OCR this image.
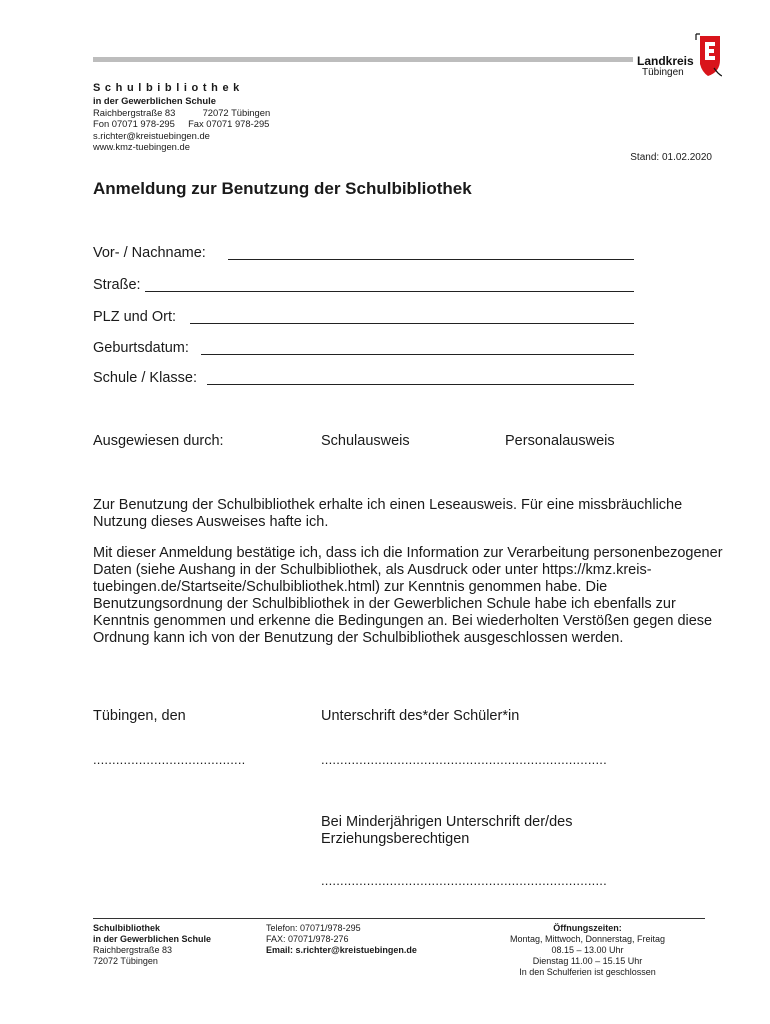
Landkreis
Tübingen
Schulbibliothek
in der Gewerblichen Schule
Raichbergstraße 83	72072 Tübingen
Fon 07071 978-295 Fax 07071 978-295
s.richter@kreistuebingen.de
www.kmz-tuebingen.de
Stand: 01.02.2020
Anmeldung zur Benutzung der Schulbibliothek
Vor- / Nachname:
Straße:
PLZ und Ort:
Geburtsdatum:
Schule / Klasse:
Ausgewiesen durch:	Schulausweis	Personalausweis
Zur Benutzung der Schulbibliothek erhalte ich einen Leseausweis. Für eine missbräuchliche Nutzung dieses Ausweises hafte ich.
Mit dieser Anmeldung bestätige ich, dass ich die Information zur Verarbeitung personenbezogener Daten (siehe Aushang in der Schulbibliothek, als Ausdruck oder unter https://kmz.kreis-tuebingen.de/Startseite/Schulbibliothek.html) zur Kenntnis genommen habe. Die Benutzungsordnung der Schulbibliothek in der Gewerblichen Schule habe ich ebenfalls zur Kenntnis genommen und erkenne die Bedingungen an. Bei wiederholten Verstößen gegen diese Ordnung kann ich von der Benutzung der Schulbibliothek ausgeschlossen werden.
Tübingen, den	Unterschrift des*der Schüler*in
........................................	...........................................................................
Bei Minderjährigen Unterschrift der/des Erziehungsberechtigen
...........................................................................
Schulbibliothek
in der Gewerblichen Schule
Raichbergstraße 83
72072 Tübingen
Telefon: 07071/978-295
FAX: 07071/978-276
Email: s.richter@kreistuebingen.de
Öffnungszeiten:
Montag, Mittwoch, Donnerstag, Freitag
08.15 – 13.00 Uhr
Dienstag 11.00 – 15.15 Uhr
In den Schulferien ist geschlossen
